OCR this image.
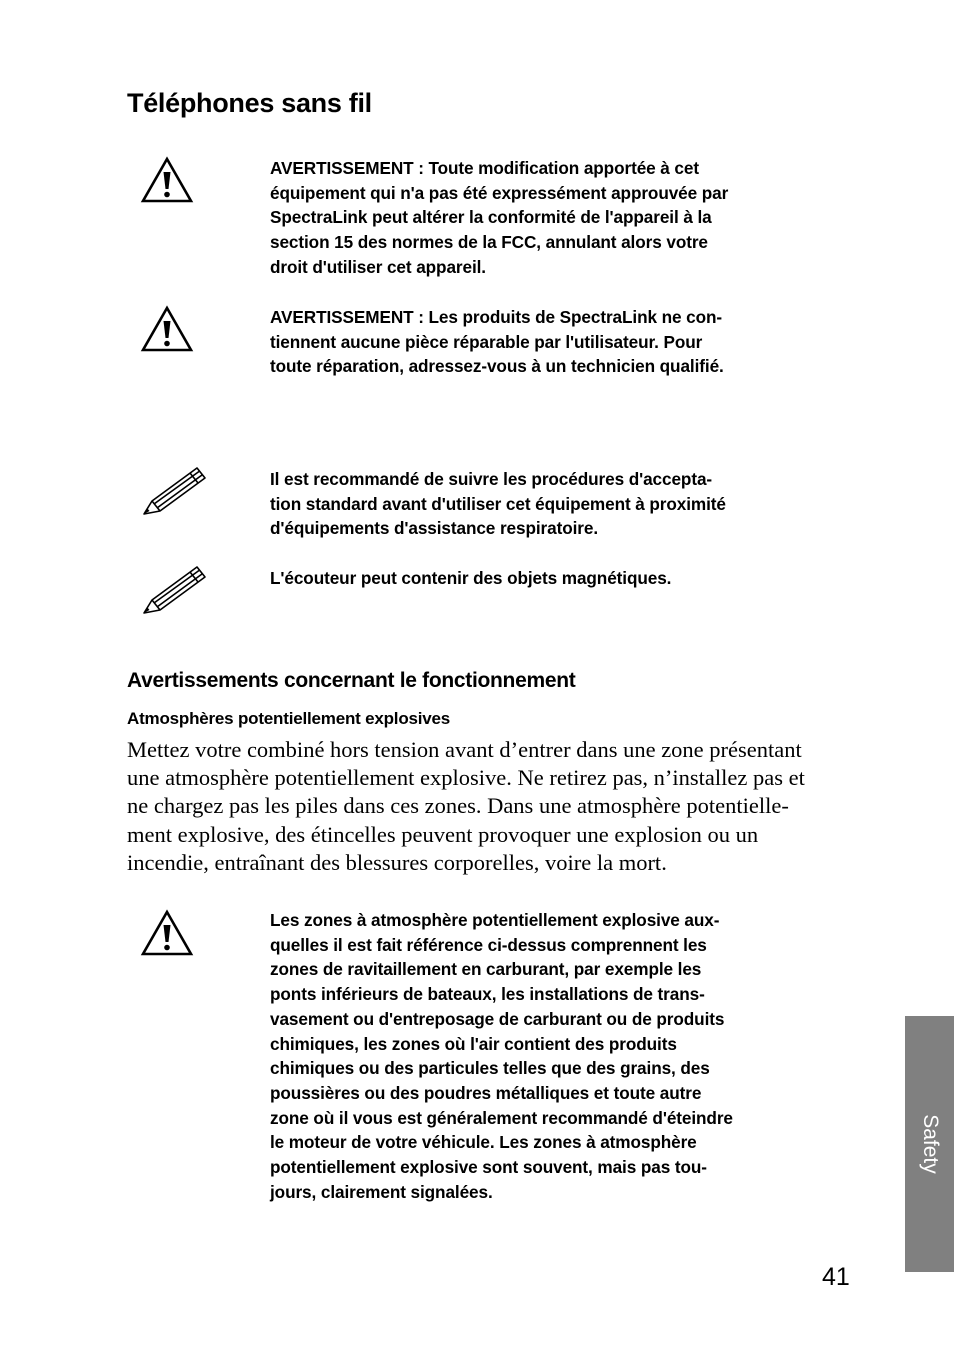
Téléphones sans fil
AVERTISSEMENT : Toute modification apportée à cet
équipement qui n'a pas été expressément approuvée par
SpectraLink peut altérer la conformité de l'appareil à la
section 15 des normes de la FCC, annulant alors votre
droit d'utiliser cet appareil.
AVERTISSEMENT : Les produits de SpectraLink ne con-
tiennent aucune pièce réparable par l'utilisateur. Pour
toute réparation, adressez-vous à un technicien qualifié.
Il est recommandé de suivre les procédures d'accepta-
tion standard avant d'utiliser cet équipement à proximité
d'équipements d'assistance respiratoire.
L'écouteur peut contenir des objets magnétiques.
Avertissements concernant le fonctionnement
Atmosphères potentiellement explosives
Mettez votre combiné hors tension avant d’entrer dans une zone présentant
une atmosphère potentiellement explosive. Ne retirez pas, n’installez pas et
ne chargez pas les piles dans ces zones. Dans une atmosphère potentielle-
ment explosive, des étincelles peuvent provoquer une explosion ou un
incendie, entraînant des blessures corporelles, voire la mort.
Les zones à atmosphère potentiellement explosive aux-
quelles il est fait référence ci-dessus comprennent les
zones de ravitaillement en carburant, par exemple les
ponts inférieurs de bateaux, les installations de trans-
vasement ou d'entreposage de carburant ou de produits
chimiques, les zones où l'air contient des produits
chimiques ou des particules telles que des grains, des
poussières ou des poudres métalliques et toute autre
zone où il vous est généralement recommandé d'éteindre
le moteur de votre véhicule. Les zones à atmosphère
potentiellement explosive sont souvent, mais pas tou-
jours, clairement signalées.
Safety
41
